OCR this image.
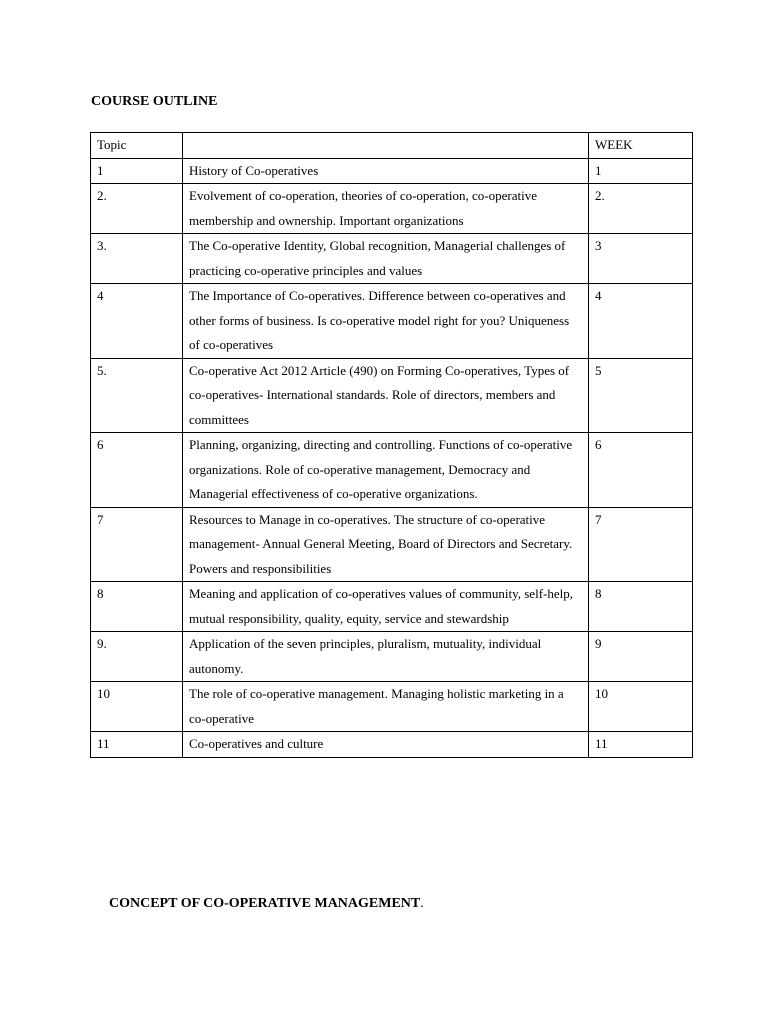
COURSE OUTLINE
Topic		WEEK
1	History of Co-operatives	1
2.	Evolvement of co-operation, theories of co-operation, co-operative membership and ownership. Important organizations	2.
3.	The Co-operative Identity, Global recognition, Managerial challenges of practicing co-operative principles and values	3
4	The Importance of Co-operatives. Difference between co-operatives and other forms of business. Is co-operative model right for you? Uniqueness of co-operatives	4
5.	Co-operative Act 2012 Article (490) on Forming Co-operatives, Types of co-operatives- International standards. Role of directors, members and committees	5
6	Planning, organizing, directing and controlling. Functions of co-operative organizations. Role of co-operative management, Democracy and Managerial effectiveness of co-operative organizations.	6
7	Resources to Manage in co-operatives. The structure of co-operative management- Annual General Meeting, Board of Directors and Secretary. Powers and responsibilities	7
8	Meaning and application of co-operatives values of community, self-help, mutual responsibility, quality, equity, service and stewardship	8
9.	Application of the seven principles, pluralism, mutuality, individual autonomy.	9
10	The role of co-operative management. Managing holistic marketing in a co-operative	10
11	Co-operatives and culture	11
CONCEPT OF CO-OPERATIVE MANAGEMENT.
